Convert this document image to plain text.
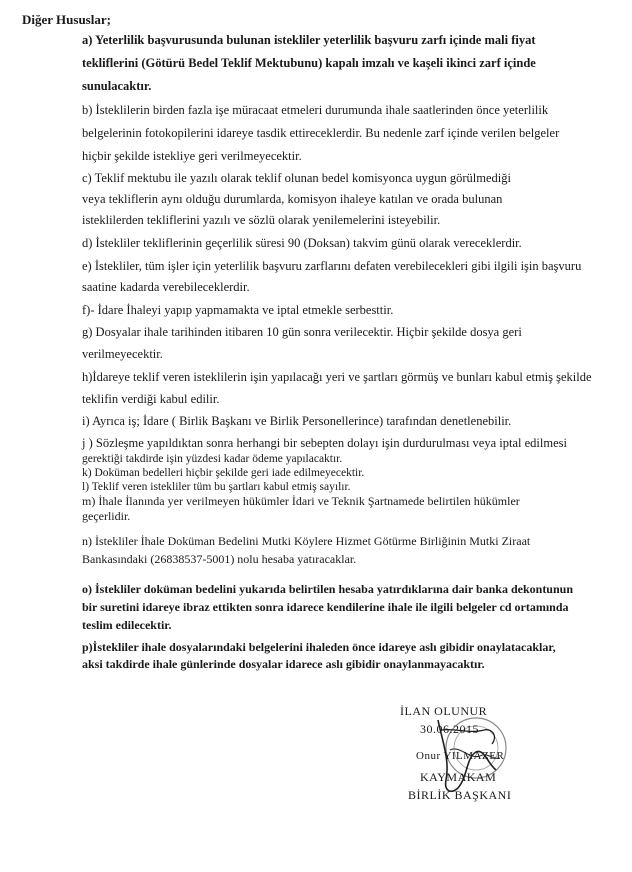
Diğer Hususlar;
a) Yeterlilik başvurusunda bulunan istekliler yeterlilik başvuru zarfı içinde mali fiyat
tekliflerini (Götürü Bedel Teklif Mektubunu) kapalı imzalı ve kaşeli ikinci zarf içinde
sunulacaktır.
b) İsteklilerin birden fazla işe müracaat etmeleri durumunda ihale saatlerinden önce yeterlilik
belgelerinin fotokopilerini idareye tasdik ettireceklerdir. Bu nedenle zarf içinde verilen belgeler
hiçbir şekilde istekliye geri verilmeyecektir.
c) Teklif mektubu ile yazılı olarak teklif olunan bedel komisyonca uygun görülmediği
veya tekliflerin aynı olduğu durumlarda, komisyon ihaleye katılan ve orada bulunan
isteklilerden tekliflerini yazılı ve sözlü olarak yenilemelerini isteyebilir.
d) İstekliler tekliflerinin geçerlilik süresi 90 (Doksan) takvim günü olarak vereceklerdir.
e) İstekliler, tüm işler için yeterlilik başvuru zarflarını defaten verebilecekleri gibi ilgili işin başvuru
saatine kadarda verebileceklerdir.
f)- İdare İhaleyi yapıp yapmamakta ve iptal etmekle serbesttir.
g) Dosyalar ihale tarihinden itibaren 10 gün sonra verilecektir. Hiçbir şekilde dosya geri
verilmeyecektir.
h)İdareye teklif veren isteklilerin işin yapılacağı yeri ve şartları görmüş ve bunları kabul etmiş şekilde
teklifin verdiği kabul edilir.
i) Ayrıca iş; İdare ( Birlik Başkanı ve Birlik Personellerince) tarafından denetlenebilir.
j ) Sözleşme yapıldıktan sonra herhangi bir sebepten dolayı işin durdurulması veya iptal edilmesi
gerektiği takdirde işin yüzdesi kadar ödeme yapılacaktır.
k) Doküman bedelleri hiçbir şekilde geri iade edilmeyecektir.
l) Teklif veren istekliler tüm bu şartları kabul etmiş sayılır.
m) İhale İlanında yer verilmeyen hükümler İdari ve Teknik Şartnamede belirtilen hükümler
geçerlidir.
n) İstekliler İhale Doküman Bedelini Mutki Köylere Hizmet Götürme Birliğinin Mutki Ziraat
Bankasındaki (26838537-5001) nolu hesaba yatıracaklar.
o) İstekliler doküman bedelini yukarıda belirtilen hesaba yatırdıklarına dair banka dekontunun
bir suretini idareye ibraz ettikten sonra idarece kendilerine ihale ile ilgili belgeler cd ortamında
teslim edilecektir.
p)İstekliler ihale dosyalarındaki belgelerini ihaleden önce idareye aslı gibidir onaylatacaklar,
aksi takdirde ihale günlerinde dosyalar idarece aslı gibidir onaylanmayacaktır.
İLAN OLUNUR
30.06.2015
Onur YILMAZER
KAYMAKAM
BİRLİK BAŞKANI
